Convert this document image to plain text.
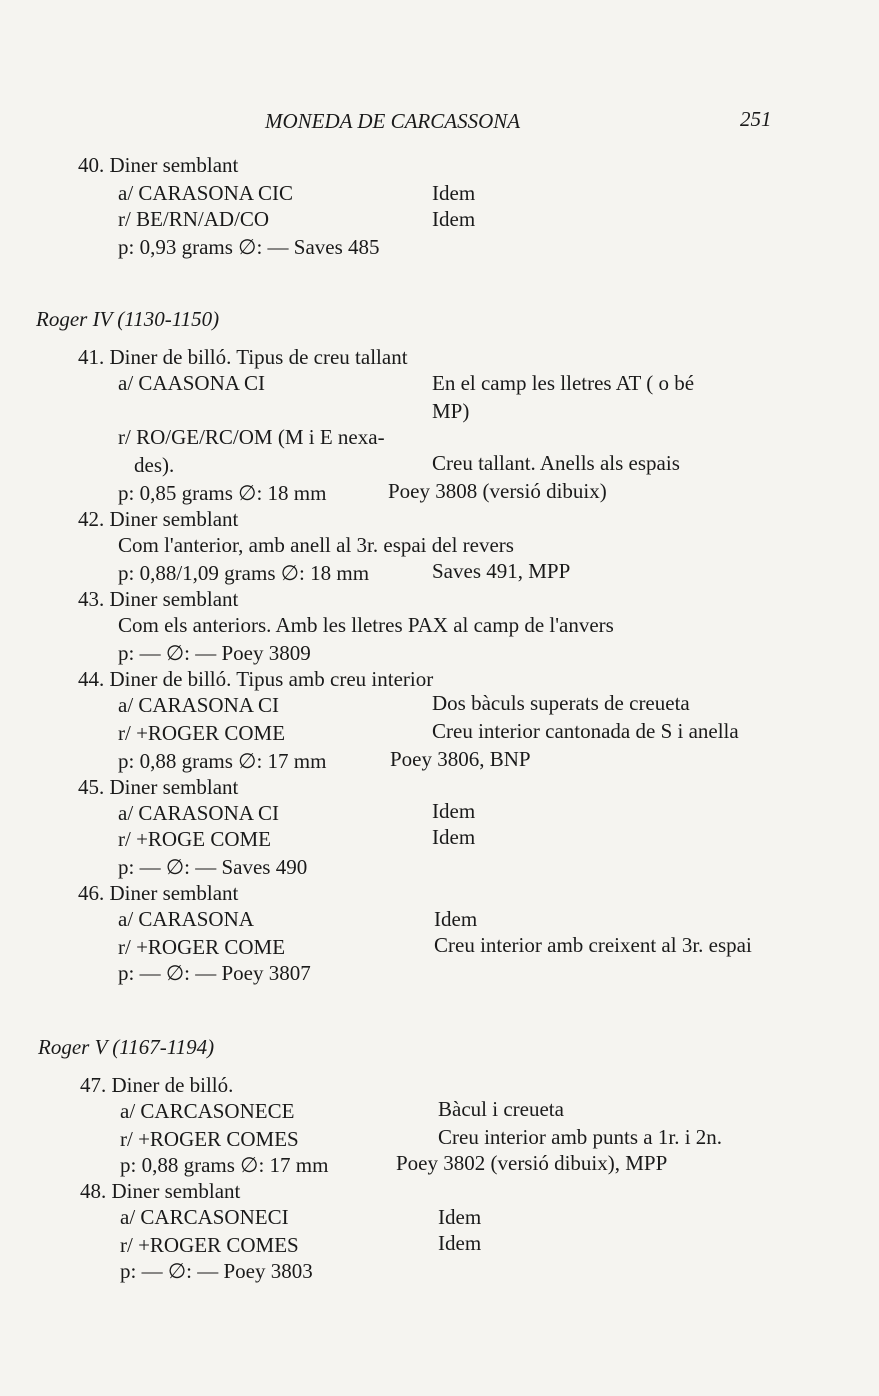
MONEDA DE CARCASSONA	251
40. Diner semblant
a/ CARASONA CIC	Idem
r/ BE/RN/AD/CO	Idem
p: 0,93 grams ∅: — Saves 485
Roger IV (1130-1150)
41. Diner de billó. Tipus de creu tallant
a/ CAASONA CI	En el camp les lletres AT ( o bé
MP)
r/ RO/GE/RC/OM (M i E nexa-
des).	Creu tallant. Anells als espais
p: 0,85 grams ∅: 18 mm	Poey 3808 (versió dibuix)
42. Diner semblant
Com l'anterior, amb anell al 3r. espai del revers
p: 0,88/1,09 grams ∅: 18 mm	Saves 491, MPP
43. Diner semblant
Com els anteriors. Amb les lletres PAX al camp de l'anvers
p: — ∅: — Poey 3809
44. Diner de billó. Tipus amb creu interior
a/ CARASONA CI	Dos bàculs superats de creueta
r/ +ROGER COME	Creu interior cantonada de S i anella
p: 0,88 grams ∅: 17 mm	Poey 3806, BNP
45. Diner semblant
a/ CARASONA CI	Idem
r/ +ROGE COME	Idem
p: — ∅: — Saves 490
46. Diner semblant
a/ CARASONA	Idem
r/ +ROGER COME	Creu interior amb creixent al 3r. espai
p: — ∅: — Poey 3807
Roger V (1167-1194)
47. Diner de billó.
a/ CARCASONECE	Bàcul i creueta
r/ +ROGER COMES	Creu interior amb punts a 1r. i 2n.
p: 0,88 grams ∅: 17 mm	Poey 3802 (versió dibuix), MPP
48. Diner semblant
a/ CARCASONECI	Idem
r/ +ROGER COMES	Idem
p: — ∅: — Poey 3803
